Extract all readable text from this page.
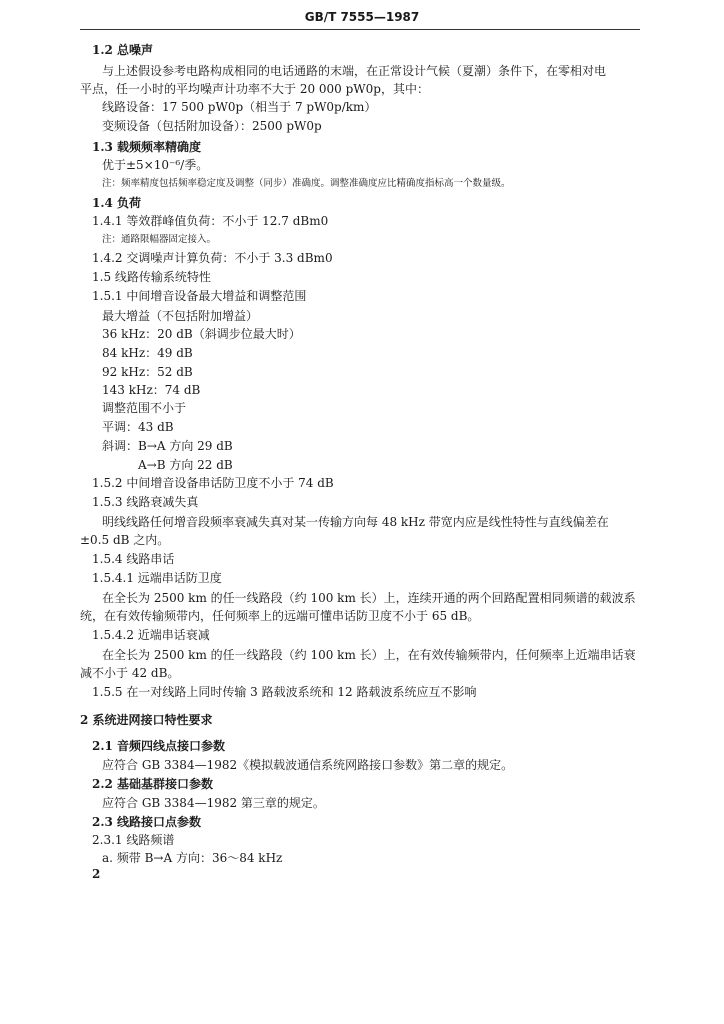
GB/T 7555—1987
1.2 总噪声
与上述假设参考电路构成相同的电话通路的末端，在正常设计气候（夏潮）条件下，在零相对电
平点，任一小时的平均噪声计功率不大于 20 000 pW0p，其中：
线路设备：17 500 pW0p（相当于 7 pW0p/km）
变频设备（包括附加设备）：2500 pW0p
1.3 载频频率精确度
优于±5×10⁻⁶/季。
注：频率精度包括频率稳定度及调整（同步）准确度。调整准确度应比精确度指标高一个数量级。
1.4 负荷
1.4.1 等效群峰值负荷：不小于 12.7 dBm0
注：通路限幅器固定接入。
1.4.2 交调噪声计算负荷：不小于 3.3 dBm0
1.5 线路传输系统特性
1.5.1 中间增音设备最大增益和调整范围
最大增益（不包括附加增益）
36 kHz：20 dB（斜调步位最大时）
84 kHz：49 dB
92 kHz：52 dB
143 kHz：74 dB
调整范围不小于
平调：43 dB
斜调：B→A 方向 29 dB
A→B 方向 22 dB
1.5.2 中间增音设备串话防卫度不小于 74 dB
1.5.3 线路衰减失真
明线线路任何增音段频率衰减失真对某一传输方向每 48 kHz 带宽内应是线性特性与直线偏差在
±0.5 dB 之内。
1.5.4 线路串话
1.5.4.1 远端串话防卫度
在全长为 2500 km 的任一线路段（约 100 km 长）上，连续开通的两个回路配置相同频谱的载波系
统，在有效传输频带内，任何频率上的远端可懂串话防卫度不小于 65 dB。
1.5.4.2 近端串话衰减
在全长为 2500 km 的任一线路段（约 100 km 长）上，在有效传输频带内，任何频率上近端串话衰
减不小于 42 dB。
1.5.5 在一对线路上同时传输 3 路载波系统和 12 路载波系统应互不影响
2 系统进网接口特性要求
2.1 音频四线点接口参数
应符合 GB 3384—1982《模拟载波通信系统网路接口参数》第二章的规定。
2.2 基础基群接口参数
应符合 GB 3384—1982 第三章的规定。
2.3 线路接口点参数
2.3.1 线路频谱
a. 频带 B→A 方向：36～84 kHz
2
